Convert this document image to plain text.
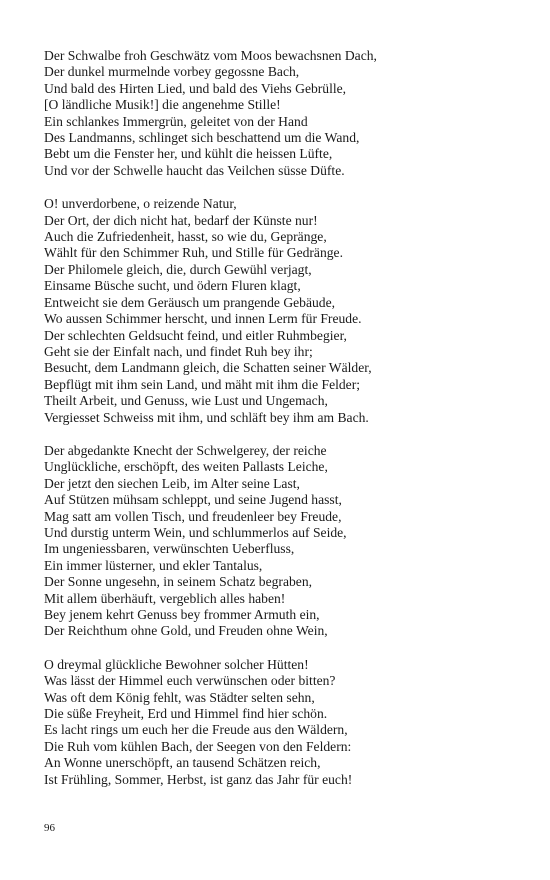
Der Schwalbe froh Geschwätz vom Moos bewachsnen Dach,
Der dunkel murmelnde vorbey gegossne Bach,
Und bald des Hirten Lied, und bald des Viehs Gebrülle,
[O ländliche Musik!] die angenehme Stille!
Ein schlankes Immergrün, geleitet von der Hand
Des Landmanns, schlinget sich beschattend um die Wand,
Bebt um die Fenster her, und kühlt die heissen Lüfte,
Und vor der Schwelle haucht das Veilchen süsse Düfte.
O! unverdorbene, o reizende Natur,
Der Ort, der dich nicht hat, bedarf der Künste nur!
Auch die Zufriedenheit, hasst, so wie du, Gepränge,
Wählt für den Schimmer Ruh, und Stille für Gedränge.
Der Philomele gleich, die, durch Gewühl verjagt,
Einsame Büsche sucht, und ödern Fluren klagt,
Entweicht sie dem Geräusch um prangende Gebäude,
Wo aussen Schimmer herscht, und innen Lerm für Freude.
Der schlechten Geldsucht feind, und eitler Ruhmbegier,
Geht sie der Einfalt nach, und findet Ruh bey ihr;
Besucht, dem Landmann gleich, die Schatten seiner Wälder,
Bepflügt mit ihm sein Land, und mäht mit ihm die Felder;
Theilt Arbeit, und Genuss, wie Lust und Ungemach,
Vergiesset Schweiss mit ihm, und schläft bey ihm am Bach.
Der abgedankte Knecht der Schwelgerey, der reiche
Unglückliche, erschöpft, des weiten Pallasts Leiche,
Der jetzt den siechen Leib, im Alter seine Last,
Auf Stützen mühsam schleppt, und seine Jugend hasst,
Mag satt am vollen Tisch, und freudenleer bey Freude,
Und durstig unterm Wein, und schlummerlos auf Seide,
Im ungeniessbaren, verwünschten Ueberfluss,
Ein immer lüsterner, und ekler Tantalus,
Der Sonne ungesehn, in seinem Schatz begraben,
Mit allem überhäuft, vergeblich alles haben!
Bey jenem kehrt Genuss bey frommer Armuth ein,
Der Reichthum ohne Gold, und Freuden ohne Wein,
O dreymal glückliche Bewohner solcher Hütten!
Was lässt der Himmel euch verwünschen oder bitten?
Was oft dem König fehlt, was Städter selten sehn,
Die süße Freyheit, Erd und Himmel find hier schön.
Es lacht rings um euch her die Freude aus den Wäldern,
Die Ruh vom kühlen Bach, der Seegen von den Feldern:
An Wonne unerschöpft, an tausend Schätzen reich,
Ist Frühling, Sommer, Herbst, ist ganz das Jahr für euch!
96
